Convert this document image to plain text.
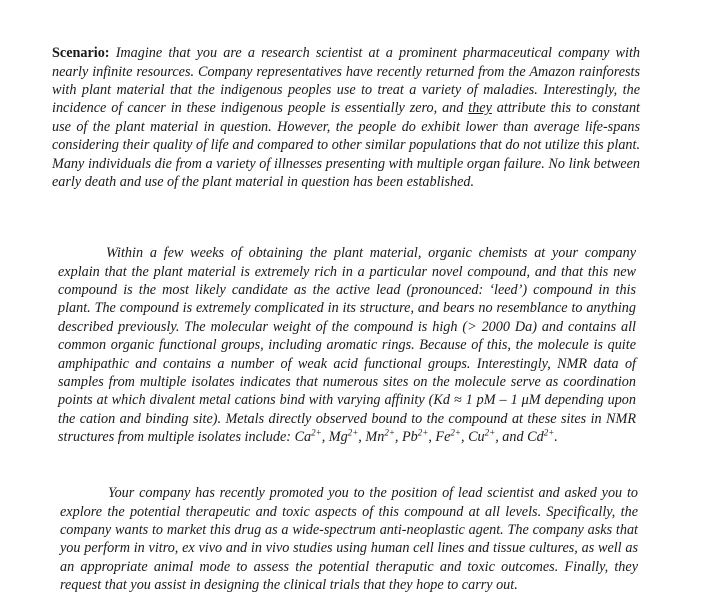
Scenario: Imagine that you are a research scientist at a prominent pharmaceutical company with nearly infinite resources. Company representatives have recently returned from the Amazon rainforests with plant material that the indigenous peoples use to treat a variety of maladies. Interestingly, the incidence of cancer in these indigenous people is essentially zero, and they attribute this to constant use of the plant material in question. However, the people do exhibit lower than average life-spans considering their quality of life and compared to other similar populations that do not utilize this plant. Many individuals die from a variety of illnesses presenting with multiple organ failure. No link between early death and use of the plant material in question has been established.

Within a few weeks of obtaining the plant material, organic chemists at your company explain that the plant material is extremely rich in a particular novel compound, and that this new compound is the most likely candidate as the active lead (pronounced: ‘leed’) compound in this plant. The compound is extremely complicated in its structure, and bears no resemblance to anything described previously. The molecular weight of the compound is high (> 2000 Da) and contains all common organic functional groups, including aromatic rings. Because of this, the molecule is quite amphipathic and contains a number of weak acid functional groups. Interestingly, NMR data of samples from multiple isolates indicates that numerous sites on the molecule serve as coordination points at which divalent metal cations bind with varying affinity (Kd ≈ 1 pM – 1 μM depending upon the cation and binding site). Metals directly observed bound to the compound at these sites in NMR structures from multiple isolates include: $Ca^{2+}$, $Mg^{2+}$, $Mn^{2+}$, $Pb^{2+}$, $Fe^{2+}$, $Cu^{2+}$, and $Cd^{2+}$.

Your company has recently promoted you to the position of lead scientist and asked you to explore the potential therapeutic and toxic aspects of this compound at all levels. Specifically, the company wants to market this drug as a wide-spectrum anti-neoplastic agent. The company asks that you perform in vitro, ex vivo and in vivo studies using human cell lines and tissue cultures, as well as an appropriate animal mode to assess the potential theraputic and toxic outcomes. Finally, they request that you assist in designing the clinical trials that they hope to carry out.
